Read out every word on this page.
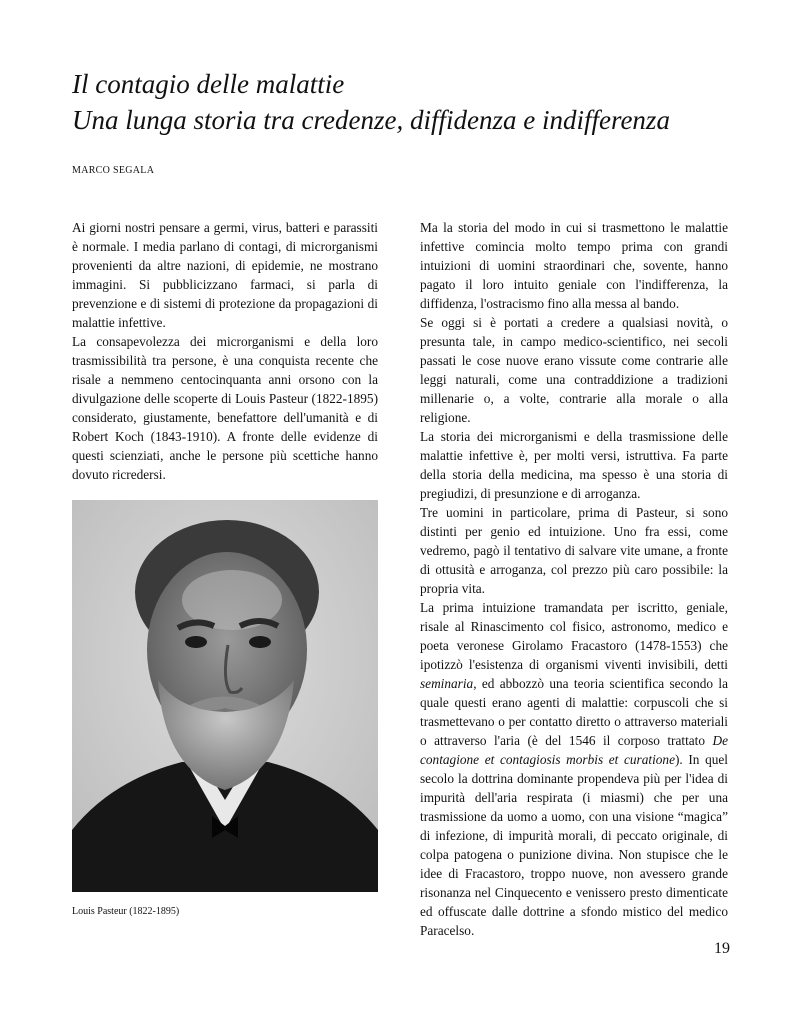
Il contagio delle malattie
Una lunga storia tra credenze, diffidenza e indifferenza

MARCO SEGALA

Ai giorni nostri pensare a germi, virus, batteri e parassiti è normale. I media parlano di contagi, di microrganismi provenienti da altre nazioni, di epidemie, ne mostrano immagini. Si pubblicizzano farmaci, si parla di prevenzione e di sistemi di protezione da propagazioni di malattie infettive.

La consapevolezza dei microrganismi e della loro trasmissibilità tra persone, è una conquista recente che risale a nemmeno centocinquanta anni orsono con la divulgazione delle scoperte di Louis Pasteur (1822-1895) considerato, giustamente, benefattore dell'umanità e di Robert Koch (1843-1910). A fronte delle evidenze di questi scienziati, anche le persone più scettiche hanno dovuto ricredersi.

Louis Pasteur (1822-1895)

Ma la storia del modo in cui si trasmettono le malattie infettive comincia molto tempo prima con grandi intuizioni di uomini straordinari che, sovente, hanno pagato il loro intuito geniale con l'indifferenza, la diffidenza, l'ostracismo fino alla messa al bando.

Se oggi si è portati a credere a qualsiasi novità, o presunta tale, in campo medico-scientifico, nei secoli passati le cose nuove erano vissute come contrarie alle leggi naturali, come una contraddizione a tradizioni millenarie o, a volte, contrarie alla morale o alla religione.

La storia dei microrganismi e della trasmissione delle malattie infettive è, per molti versi, istruttiva. Fa parte della storia della medicina, ma spesso è una storia di pregiudizi, di presunzione e di arroganza.

Tre uomini in particolare, prima di Pasteur, si sono distinti per genio ed intuizione. Uno fra essi, come vedremo, pagò il tentativo di salvare vite umane, a fronte di ottusità e arroganza, col prezzo più caro possibile: la propria vita.

La prima intuizione tramandata per iscritto, geniale, risale al Rinascimento col fisico, astronomo, medico e poeta veronese Girolamo Fracastoro (1478-1553) che ipotizzò l'esistenza di organismi viventi invisibili, detti seminaria, ed abbozzò una teoria scientifica secondo la quale questi erano agenti di malattie: corpuscoli che si trasmettevano o per contatto diretto o attraverso materiali o attraverso l'aria (è del 1546 il corposo trattato De contagione et contagiosis morbis et curatione). In quel secolo la dottrina dominante propendeva più per l'idea di impurità dell'aria respirata (i miasmi) che per una trasmissione da uomo a uomo, con una visione “magica” di infezione, di impurità morali, di peccato originale, di colpa patogena o punizione divina. Non stupisce che le idee di Fracastoro, troppo nuove, non avessero grande risonanza nel Cinquecento e venissero presto dimenticate ed offuscate dalle dottrine a sfondo mistico del medico Paracelso.

19
